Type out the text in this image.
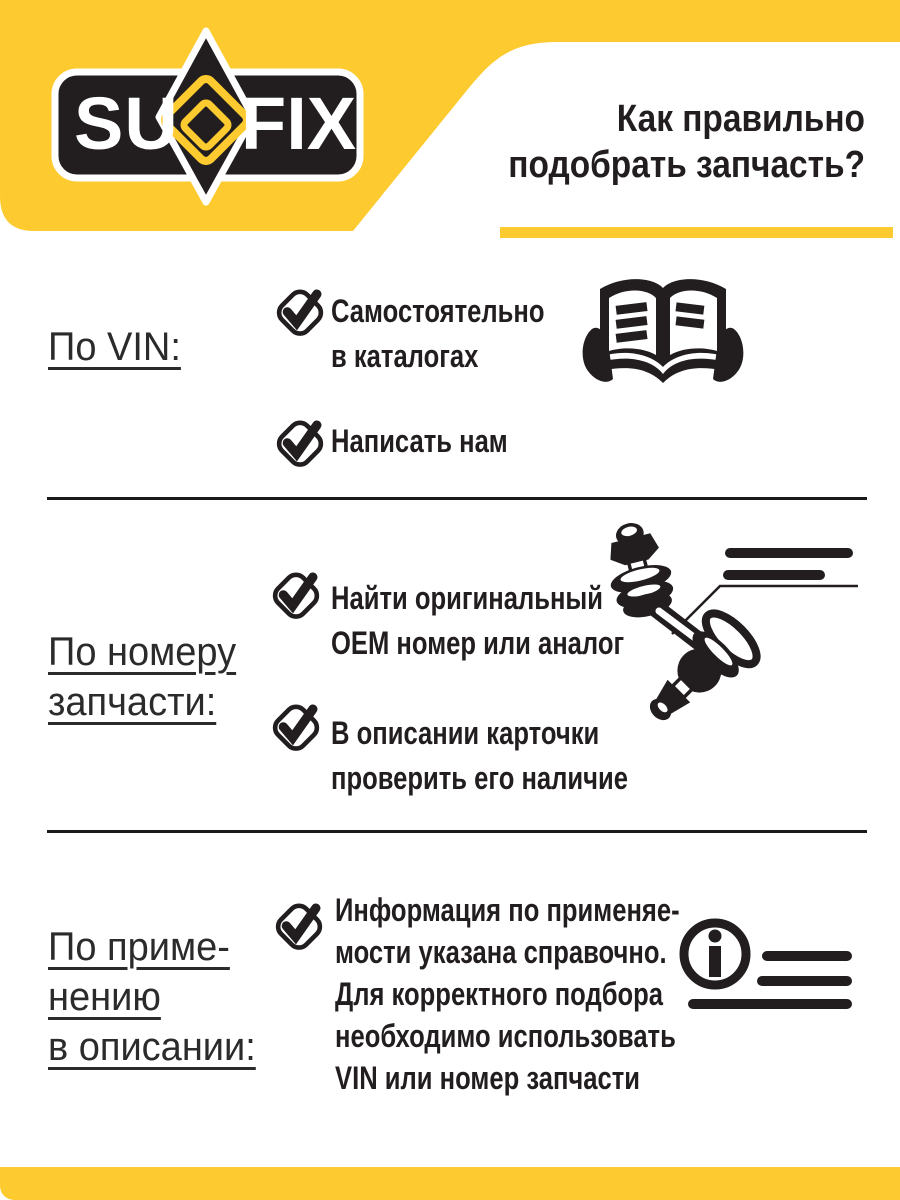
SU FIX	Как правильно
подобрать запчасть?
По VIN:
Самостоятельно
в каталогах
Написать нам
По номеру
запчасти:
Найти оригинальный
OEM номер или аналог
В описании карточки
проверить его наличие
По приме-
нению
в описании:
Информация по применяе-
мости указана справочно.
Для корректного подбора
необходимо использовать
VIN или номер запчасти
